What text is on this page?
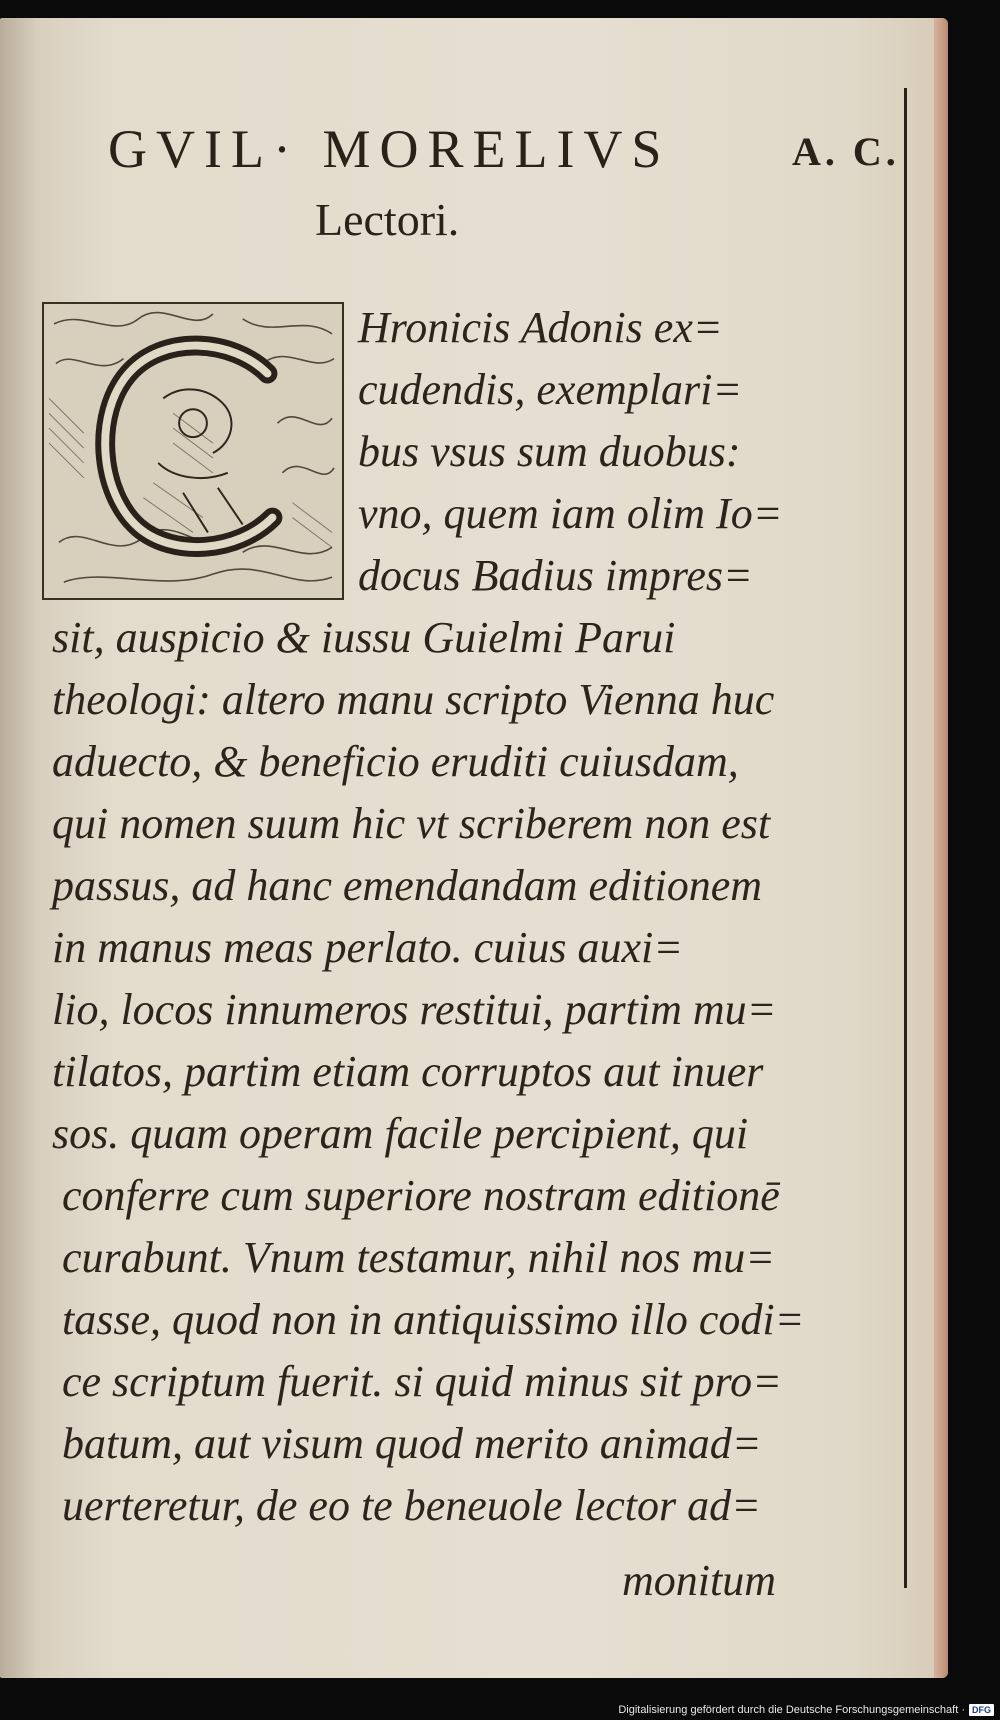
GVIL· MORELIVS	A. C.
Lectori.
Hronicis Adonis ex=
cudendis, exemplari=
bus vsus sum duobus:
vno, quem iam olim Io=
docus Badius impres=
sit, auspicio & iussu Guielmi Parui
theologi: altero manu scripto Vienna huc
aduecto, & beneficio eruditi cuiusdam,
qui nomen suum hic vt scriberem non est
passus, ad hanc emendandam editionem
in manus meas perlato. cuius auxi=
lio, locos innumeros restitui, partim mu=
tilatos, partim etiam corruptos aut inuer
sos. quam operam facile percipient, qui
conferre cum superiore nostram editionē
curabunt. Vnum testamur, nihil nos mu=
tasse, quod non in antiquissimo illo codi=
ce scriptum fuerit. si quid minus sit pro=
batum, aut visum quod merito animad=
uerteretur, de eo te beneuole lector ad=
monitum
Digitalisierung gefördert durch die Deutsche Forschungsgemeinschaft · DFG
